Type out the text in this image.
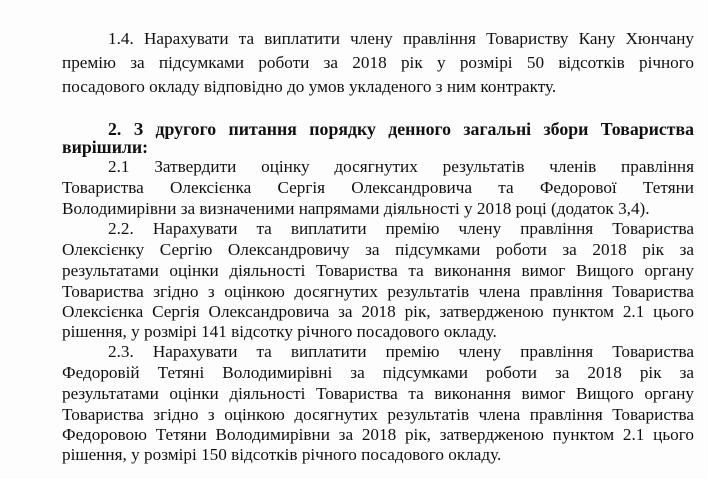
1.4. Нарахувати та виплатити члену правління Товариству Кану Хюнчану
премію за підсумками роботи за 2018 рік у розмірі 50 відсотків річного
посадового окладу відповідно до умов укладеного з ним контракту.
2. З другого питання порядку денного загальні збори Товариства
вирішили:
2.1 Затвердити оцінку досягнутих результатів членів правління
Товариства Олексієнка Сергія Олександровича та Федорової Тетяни
Володимирівни за визначеними напрямами діяльності у 2018 році (додаток 3,4).
2.2. Нарахувати та виплатити премію члену правління Товариства
Олексієнку Сергію Олександровичу за підсумками роботи за 2018 рік за
результатами оцінки діяльності Товариства та виконання вимог Вищого органу
Товариства згідно з оцінкою досягнутих результатів члена правління Товариства
Олексієнка Сергія Олександровича за 2018 рік, затвердженою пунктом 2.1 цього
рішення, у розмірі 141 відсотку річного посадового окладу.
2.3. Нарахувати та виплатити премію члену правління Товариства
Федоровій Тетяні Володимирівні за підсумками роботи за 2018 рік за
результатами оцінки діяльності Товариства та виконання вимог Вищого органу
Товариства згідно з оцінкою досягнутих результатів члена правління Товариства
Федоровою Тетяни Володимирівни за 2018 рік, затвердженою пунктом 2.1 цього
рішення, у розмірі 150 відсотків річного посадового окладу.
